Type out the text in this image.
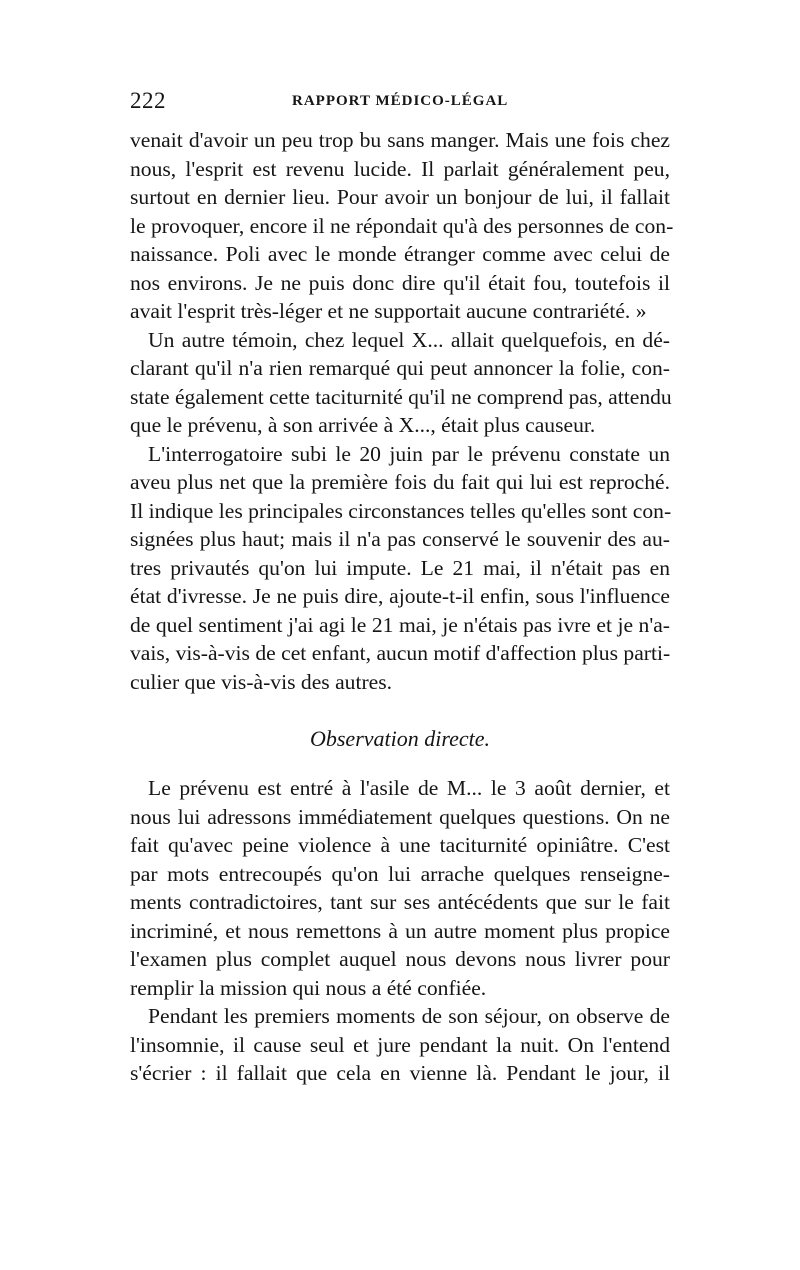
222	RAPPORT MÉDICO-LÉGAL
venait d'avoir un peu trop bu sans manger. Mais une fois chez
nous, l'esprit est revenu lucide. Il parlait généralement peu,
surtout en dernier lieu. Pour avoir un bonjour de lui, il fallait
le provoquer, encore il ne répondait qu'à des personnes de con-
naissance. Poli avec le monde étranger comme avec celui de
nos environs. Je ne puis donc dire qu'il était fou, toutefois il
avait l'esprit très-léger et ne supportait aucune contrariété. »
Un autre témoin, chez lequel X... allait quelquefois, en dé-
clarant qu'il n'a rien remarqué qui peut annoncer la folie, con-
state également cette taciturnité qu'il ne comprend pas, attendu
que le prévenu, à son arrivée à X..., était plus causeur.
L'interrogatoire subi le 20 juin par le prévenu constate un
aveu plus net que la première fois du fait qui lui est reproché.
Il indique les principales circonstances telles qu'elles sont con-
signées plus haut; mais il n'a pas conservé le souvenir des au-
tres privautés qu'on lui impute. Le 21 mai, il n'était pas en
état d'ivresse. Je ne puis dire, ajoute-t-il enfin, sous l'influence
de quel sentiment j'ai agi le 21 mai, je n'étais pas ivre et je n'a-
vais, vis-à-vis de cet enfant, aucun motif d'affection plus parti-
culier que vis-à-vis des autres.
Observation directe.
Le prévenu est entré à l'asile de M... le 3 août dernier, et
nous lui adressons immédiatement quelques questions. On ne
fait qu'avec peine violence à une taciturnité opiniâtre. C'est
par mots entrecoupés qu'on lui arrache quelques renseigne-
ments contradictoires, tant sur ses antécédents que sur le fait
incriminé, et nous remettons à un autre moment plus propice
l'examen plus complet auquel nous devons nous livrer pour
remplir la mission qui nous a été confiée.
Pendant les premiers moments de son séjour, on observe de
l'insomnie, il cause seul et jure pendant la nuit. On l'entend
s'écrier : il fallait que cela en vienne là. Pendant le jour, il
